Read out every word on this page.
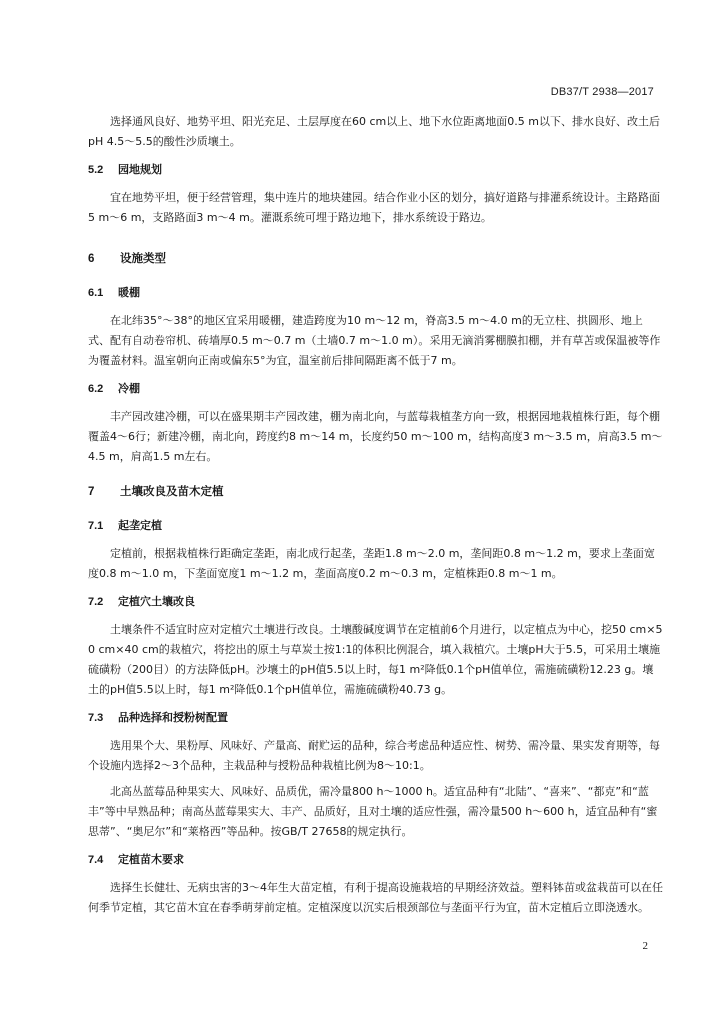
DB37/T 2938—2017

选择通风良好、地势平坦、阳光充足、土层厚度在60 cm以上、地下水位距离地面0.5 m以下、排水良好、改土后pH 4.5～5.5的酸性沙质壤土。

5.2 园地规划

宜在地势平坦，便于经营管理，集中连片的地块建园。结合作业小区的划分，搞好道路与排灌系统设计。主路路面5 m～6 m，支路路面3 m～4 m。灌溉系统可埋于路边地下，排水系统设于路边。

6 设施类型
6.1 暖棚

在北纬35°～38°的地区宜采用暖棚，建造跨度为10 m～12 m，脊高3.5 m～4.0 m的无立柱、拱圆形、地上式、配有自动卷帘机、砖墙厚0.5 m～0.7 m（土墙0.7 m～1.0 m）。采用无滴消雾棚膜扣棚，并有草苫或保温被等作为覆盖材料。温室朝向正南或偏东5°为宜，温室前后排间隔距离不低于7 m。

6.2 冷棚

丰产园改建冷棚，可以在盛果期丰产园改建，棚为南北向，与蓝莓栽植垄方向一致，根据园地栽植株行距，每个棚覆盖4～6行；新建冷棚，南北向，跨度约8 m～14 m，长度约50 m～100 m，结构高度3 m～3.5 m，肩高3.5 m～4.5 m，肩高1.5 m左右。

7 土壤改良及苗木定植
7.1 起垄定植

定植前，根据栽植株行距确定垄距，南北成行起垄，垄距1.8 m～2.0 m，垄间距0.8 m～1.2 m，要求上垄面宽度0.8 m～1.0 m，下垄面宽度1 m～1.2 m，垄面高度0.2 m～0.3 m，定植株距0.8 m～1 m。

7.2 定植穴土壤改良

土壤条件不适宜时应对定植穴土壤进行改良。土壤酸碱度调节在定植前6个月进行，以定植点为中心，挖50 cm×50 cm×40 cm的栽植穴，将挖出的原土与草炭土按1:1的体积比例混合，填入栽植穴。土壤pH大于5.5，可采用土壤施硫磺粉（200目）的方法降低pH。沙壤土的pH值5.5以上时，每1 m²降低0.1个pH值单位，需施硫磺粉12.23 g。壤土的pH值5.5以上时，每1 m²降低0.1个pH值单位，需施硫磺粉40.73 g。

7.3 品种选择和授粉树配置

选用果个大、果粉厚、风味好、产量高、耐贮运的品种，综合考虑品种适应性、树势、需冷量、果实发育期等，每个设施内选择2～3个品种，主栽品种与授粉品种栽植比例为8～10:1。

北高丛蓝莓品种果实大、风味好、品质优，需冷量800 h～1000 h。适宜品种有“北陆”、“喜来”、“都克”和“蓝丰”等中早熟品种；南高丛蓝莓果实大、丰产、品质好，且对土壤的适应性强，需冷量500 h～600 h，适宜品种有“蜜思蒂”、“奥尼尔”和“莱格西”等品种。按GB/T 27658的规定执行。

7.4 定植苗木要求

选择生长健壮、无病虫害的3～4年生大苗定植，有利于提高设施栽培的早期经济效益。塑料钵苗或盆栽苗可以在任何季节定植，其它苗木宜在春季萌芽前定植。定植深度以沉实后根颈部位与垄面平行为宜，苗木定植后立即浇透水。

2
